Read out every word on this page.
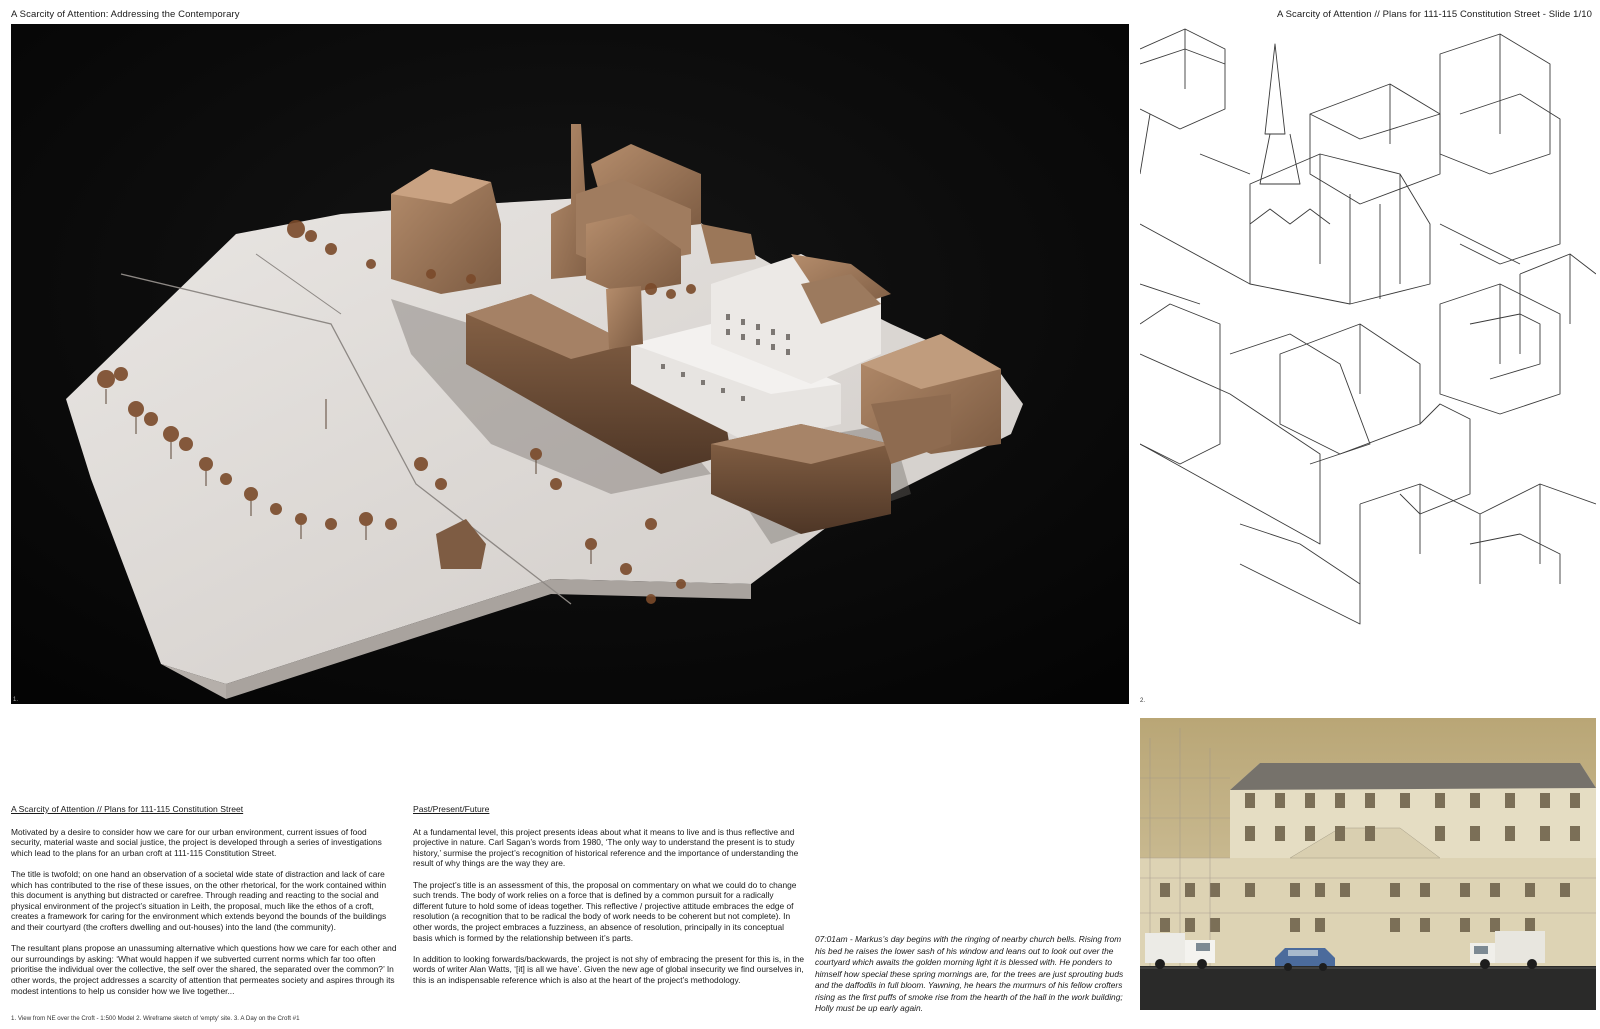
A Scarcity of Attention: Addressing the Contemporary	A Scarcity of Attention // Plans for 111-115 Constitution Street - Slide 1/10
1.	2.
A Scarcity of Attention // Plans for 111-115 Constitution Street

Motivated by a desire to consider how we care for our urban environment, current issues of food security, material waste and social justice, the project is developed through a series of investigations which lead to the plans for an urban croft at 111-115 Constitution Street.

The title is twofold; on one hand an observation of a societal wide state of distraction and lack of care which has contributed to the rise of these issues, on the other rhetorical, for the work contained within this document is anything but distracted or carefree. Through reading and reacting to the social and physical environment of the project’s situation in Leith, the proposal, much like the ethos of a croft, creates a framework for caring for the environment which extends beyond the bounds of the buildings and their courtyard (the crofters dwelling and out-houses) into the land (the community).

The resultant plans propose an unassuming alternative which questions how we care for each other and our surroundings by asking: ‘What would happen if we subverted current norms which far too often prioritise the individual over the collective, the self over the shared, the separated over the common?’ In other words, the project addresses a scarcity of attention that permeates society and aspires through its modest intentions to help us consider how we live together...

Past/Present/Future

At a fundamental level, this project presents ideas about what it means to live and is thus reflective and projective in nature. Carl Sagan’s words from 1980, ‘The only way to understand the present is to study history,’ surmise the project’s recognition of historical reference and the importance of understanding the result of why things are the way they are.

The project’s title is an assessment of this, the proposal on commentary on what we could do to change such trends. The body of work relies on a force that is defined by a common pursuit for a radically different future to hold some of ideas together. This reflective / projective attitude embraces the edge of resolution (a recognition that to be radical the body of work needs to be coherent but not complete). In other words, the project embraces a fuzziness, an absence of resolution, principally in its conceptual basis which is formed by the relationship between it’s parts.

In addition to looking forwards/backwards, the project is not shy of embracing the present for this is, in the words of writer Alan Watts, ‘[it] is all we have’. Given the new age of global insecurity we find ourselves in, this is an indispensable reference which is also at the heart of the project’s methodology.

07:01am - Markus’s day begins with the ringing of nearby church bells. Rising from his bed he raises the lower sash of his window and leans out to look out over the courtyard which awaits the golden morning light it is blessed with. He ponders to himself how special these spring mornings are, for the trees are just sprouting buds and the daffodils in full bloom. Yawning, he hears the murmurs of his fellow crofters rising as the first puffs of smoke rise from the hearth of the hall in the work building; Holly must be up early again.
1. View from NE over the Croft - 1:500 Model 2. Wireframe sketch of ‘empty’ site. 3. A Day on the Croft #1
